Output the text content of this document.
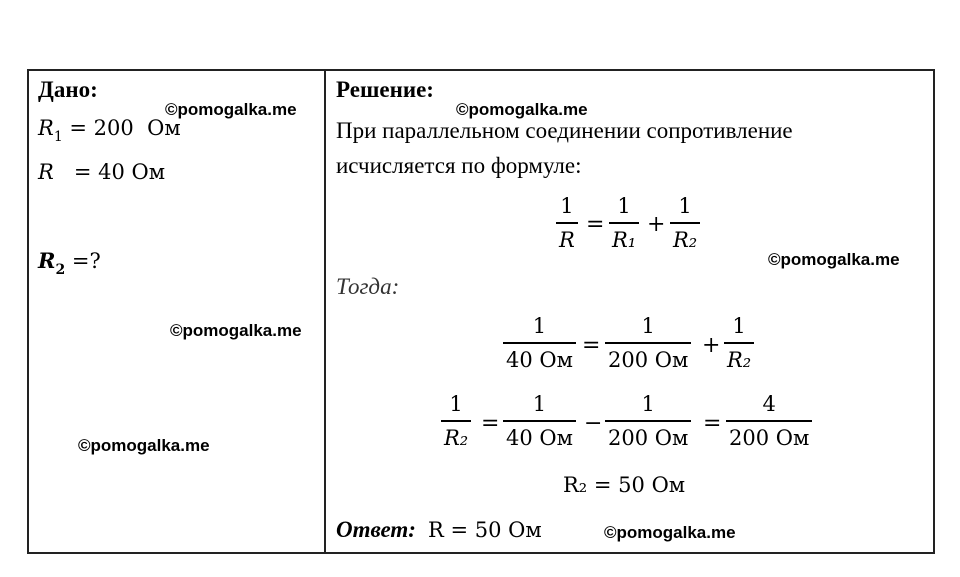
Дано:
$R_1 = 200$  Ом
R   = 40 Ом
$R_2$ =?
Решение:
При параллельном соединении сопротивление
исчисляется по формуле:
1
R
=
1
R₁
+
1
R₂
Тогда:
1
40 Ом
=
1
200 Ом
+
1
R₂
1
R₂
=
1
40 Ом
−
1
200 Ом
=
4
200 Ом
R₂ = 50 Ом
Ответ: R = 50 Ом
©pomogalka.me	©pomogalka.me
©pomogalka.me
©pomogalka.me
©pomogalka.me
©pomogalka.me
